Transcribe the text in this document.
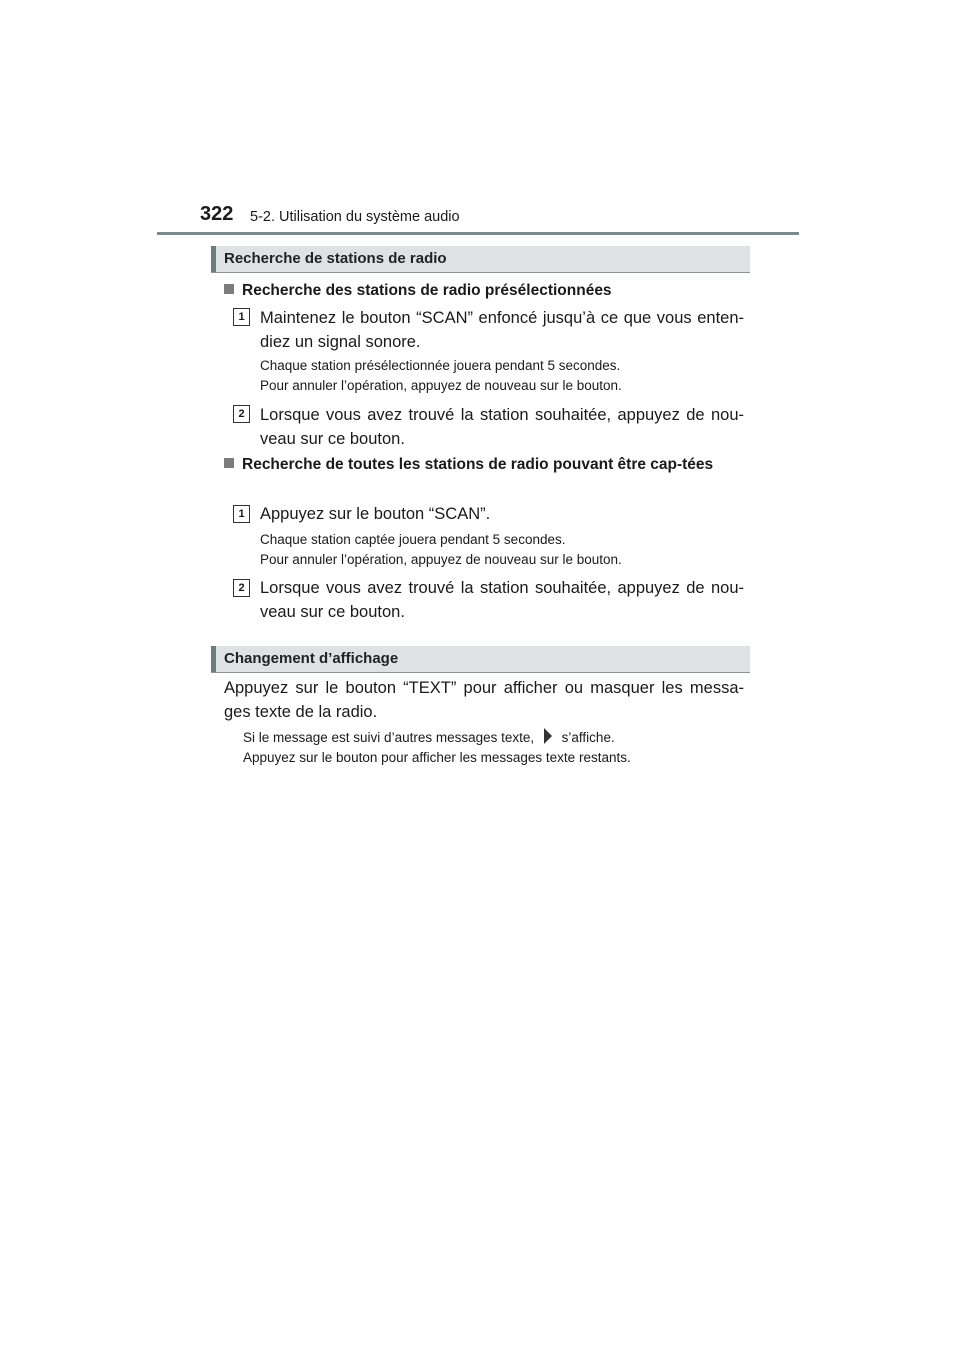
322 5-2. Utilisation du système audio
Recherche de stations de radio
Recherche des stations de radio présélectionnées
1 Maintenez le bouton “SCAN” enfoncé jusqu’à ce que vous enten-diez un signal sonore.
Chaque station présélectionnée jouera pendant 5 secondes.
Pour annuler l’opération, appuyez de nouveau sur le bouton.
2 Lorsque vous avez trouvé la station souhaitée, appuyez de nou-veau sur ce bouton.
Recherche de toutes les stations de radio pouvant être cap-tées
1 Appuyez sur le bouton “SCAN”.
Chaque station captée jouera pendant 5 secondes.
Pour annuler l’opération, appuyez de nouveau sur le bouton.
2 Lorsque vous avez trouvé la station souhaitée, appuyez de nou-veau sur ce bouton.
Changement d’affichage
Appuyez sur le bouton “TEXT” pour afficher ou masquer les messa-ges texte de la radio.
Si le message est suivi d’autres messages texte, s’affiche.
Appuyez sur le bouton pour afficher les messages texte restants.
